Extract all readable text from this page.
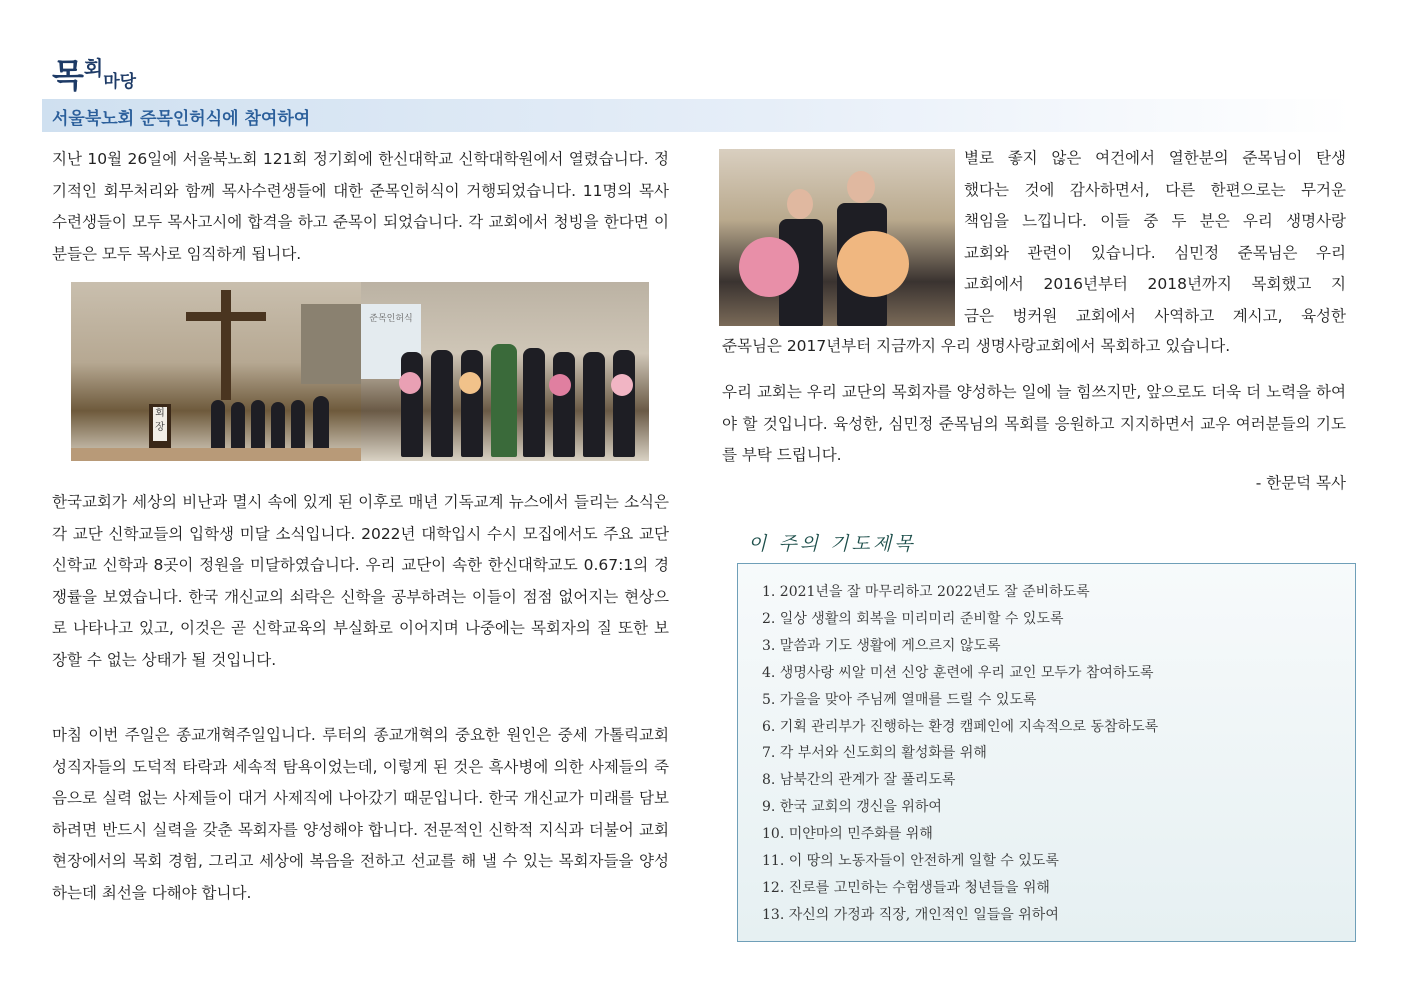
목회마당
서울북노회 준목인허식에 참여하여

지난 10월 26일에 서울북노회 121회 정기회에 한신대학교 신학대학원에서 열렸습니다. 정기적인 회무처리와 함께 목사수련생들에 대한 준목인허식이 거행되었습니다. 11명의 목사수련생들이 모두 목사고시에 합격을 하고 준목이 되었습니다. 각 교회에서 청빙을 한다면 이 분들은 모두 목사로 임직하게 됩니다.

회장
준목인허식

한국교회가 세상의 비난과 멸시 속에 있게 된 이후로 매년 기독교계 뉴스에서 들리는 소식은 각 교단 신학교들의 입학생 미달 소식입니다. 2022년 대학입시 수시 모집에서도 주요 교단 신학교 신학과 8곳이 정원을 미달하였습니다. 우리 교단이 속한 한신대학교도 0.67:1의 경쟁률을 보였습니다. 한국 개신교의 쇠락은 신학을 공부하려는 이들이 점점 없어지는 현상으로 나타나고 있고, 이것은 곧 신학교육의 부실화로 이어지며 나중에는 목회자의 질 또한 보장할 수 없는 상태가 될 것입니다.

마침 이번 주일은 종교개혁주일입니다. 루터의 종교개혁의 중요한 원인은 중세 가톨릭교회 성직자들의 도덕적 타락과 세속적 탐욕이었는데, 이렇게 된 것은 흑사병에 의한 사제들의 죽음으로 실력 없는 사제들이 대거 사제직에 나아갔기 때문입니다. 한국 개신교가 미래를 담보하려면 반드시 실력을 갖춘 목회자를 양성해야 합니다. 전문적인 신학적 지식과 더불어 교회 현장에서의 목회 경험, 그리고 세상에 복음을 전하고 선교를 해 낼 수 있는 목회자들을 양성하는데 최선을 다해야 합니다.

별로 좋지 않은 여건에서 열한분의 준목님이 탄생
했다는 것에 감사하면서, 다른 한편으로는 무거운
책임을 느낍니다. 이들 중 두 분은 우리 생명사랑
교회와 관련이 있습니다. 심민정 준목님은 우리
교회에서 2016년부터 2018년까지 목회했고 지
금은 벙커원 교회에서 사역하고 계시고, 육성한

준목님은 2017년부터 지금까지 우리 생명사랑교회에서 목회하고 있습니다.

우리 교회는 우리 교단의 목회자를 양성하는 일에 늘 힘쓰지만, 앞으로도 더욱 더 노력을 하여야 할 것입니다. 육성한, 심민정 준목님의 목회를 응원하고 지지하면서 교우 여러분들의 기도를 부탁 드립니다.

- 한문덕 목사

이 주의 기도제목
1. 2021년을 잘 마무리하고 2022년도 잘 준비하도록
2. 일상 생활의 회복을 미리미리 준비할 수 있도록
3. 말씀과 기도 생활에 게으르지 않도록
4. 생명사랑 씨알 미션 신앙 훈련에 우리 교인 모두가 참여하도록
5. 가을을 맞아 주님께 열매를 드릴 수 있도록
6. 기획 관리부가 진행하는 환경 캠페인에 지속적으로 동참하도록
7. 각 부서와 신도회의 활성화를 위해
8. 남북간의 관계가 잘 풀리도록
9. 한국 교회의 갱신을 위하여
10. 미얀마의 민주화를 위해
11. 이 땅의 노동자들이 안전하게 일할 수 있도록
12. 진로를 고민하는 수험생들과 청년들을 위해
13. 자신의 가정과 직장, 개인적인 일들을 위하여
